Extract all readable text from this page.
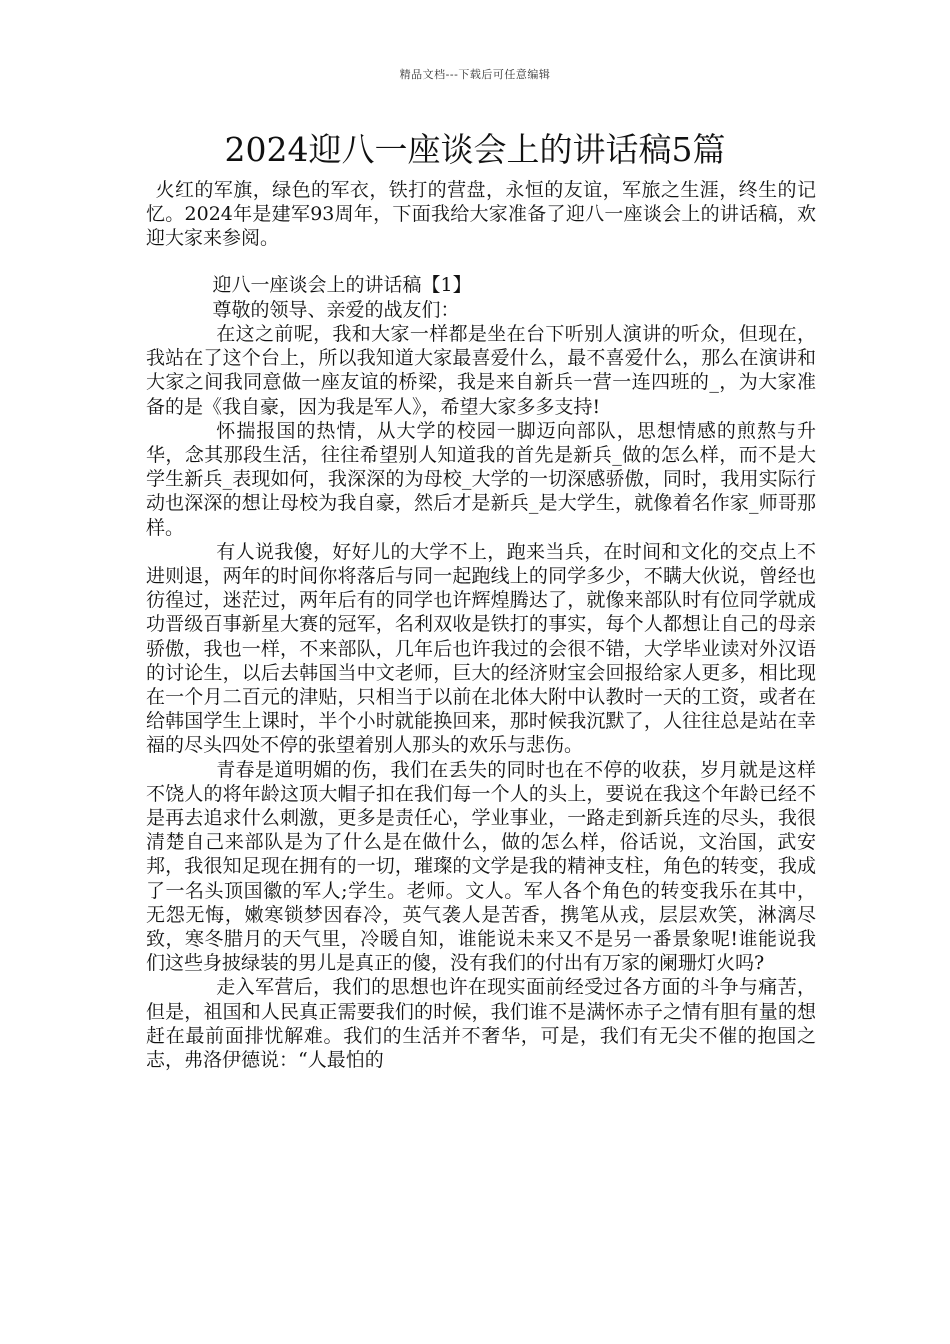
精品文档---下载后可任意编辑
2024迎八一座谈会上的讲话稿5篇

火红的军旗，绿色的军衣，铁打的营盘，永恒的友谊，军旅之生涯，终生的记忆。2024年是建军93周年，下面我给大家准备了迎八一座谈会上的讲话稿，欢迎大家来参阅。

迎八一座谈会上的讲话稿【1】

尊敬的领导、亲爱的战友们：

在这之前呢，我和大家一样都是坐在台下听别人演讲的听众，但现在，我站在了这个台上，所以我知道大家最喜爱什么，最不喜爱什么，那么在演讲和大家之间我同意做一座友谊的桥梁，我是来自新兵一营一连四班的_，为大家准备的是《我自豪，因为我是军人》，希望大家多多支持!

怀揣报国的热情，从大学的校园一脚迈向部队，思想情感的煎熬与升华，念其那段生活，往往希望别人知道我的首先是新兵_做的怎么样，而不是大学生新兵_表现如何，我深深的为母校_大学的一切深感骄傲，同时，我用实际行动也深深的想让母校为我自豪，然后才是新兵_是大学生，就像着名作家_师哥那样。

有人说我傻，好好儿的大学不上，跑来当兵，在时间和文化的交点上不进则退，两年的时间你将落后与同一起跑线上的同学多少，不瞒大伙说，曾经也彷徨过，迷茫过，两年后有的同学也许辉煌腾达了，就像来部队时有位同学就成功晋级百事新星大赛的冠军，名利双收是铁打的事实，每个人都想让自己的母亲骄傲，我也一样，不来部队，几年后也许我过的会很不错，大学毕业读对外汉语的讨论生，以后去韩国当中文老师，巨大的经济财宝会回报给家人更多，相比现在一个月二百元的津贴，只相当于以前在北体大附中认教时一天的工资，或者在给韩国学生上课时，半个小时就能换回来，那时候我沉默了，人往往总是站在幸福的尽头四处不停的张望着别人那头的欢乐与悲伤。

青春是道明媚的伤，我们在丢失的同时也在不停的收获，岁月就是这样不饶人的将年龄这顶大帽子扣在我们每一个人的头上，要说在我这个年龄已经不是再去追求什么刺激，更多是责任心，学业事业，一路走到新兵连的尽头，我很清楚自己来部队是为了什么是在做什么，做的怎么样，俗话说，文治国，武安邦，我很知足现在拥有的一切，璀璨的文学是我的精神支柱，角色的转变，我成了一名头顶国徽的军人;学生。老师。文人。军人各个角色的转变我乐在其中，无怨无悔，嫩寒锁梦因春冷，英气袭人是苦香，携笔从戎，层层欢笑，淋漓尽致，寒冬腊月的天气里，冷暖自知，谁能说未来又不是另一番景象呢!谁能说我们这些身披绿装的男儿是真正的傻，没有我们的付出有万家的阑珊灯火吗?

走入军营后，我们的思想也许在现实面前经受过各方面的斗争与痛苦，但是，祖国和人民真正需要我们的时候，我们谁不是满怀赤子之情有胆有量的想赶在最前面排忧解难。我们的生活并不奢华，可是，我们有无尖不催的抱国之志，弗洛伊德说：“人最怕的
